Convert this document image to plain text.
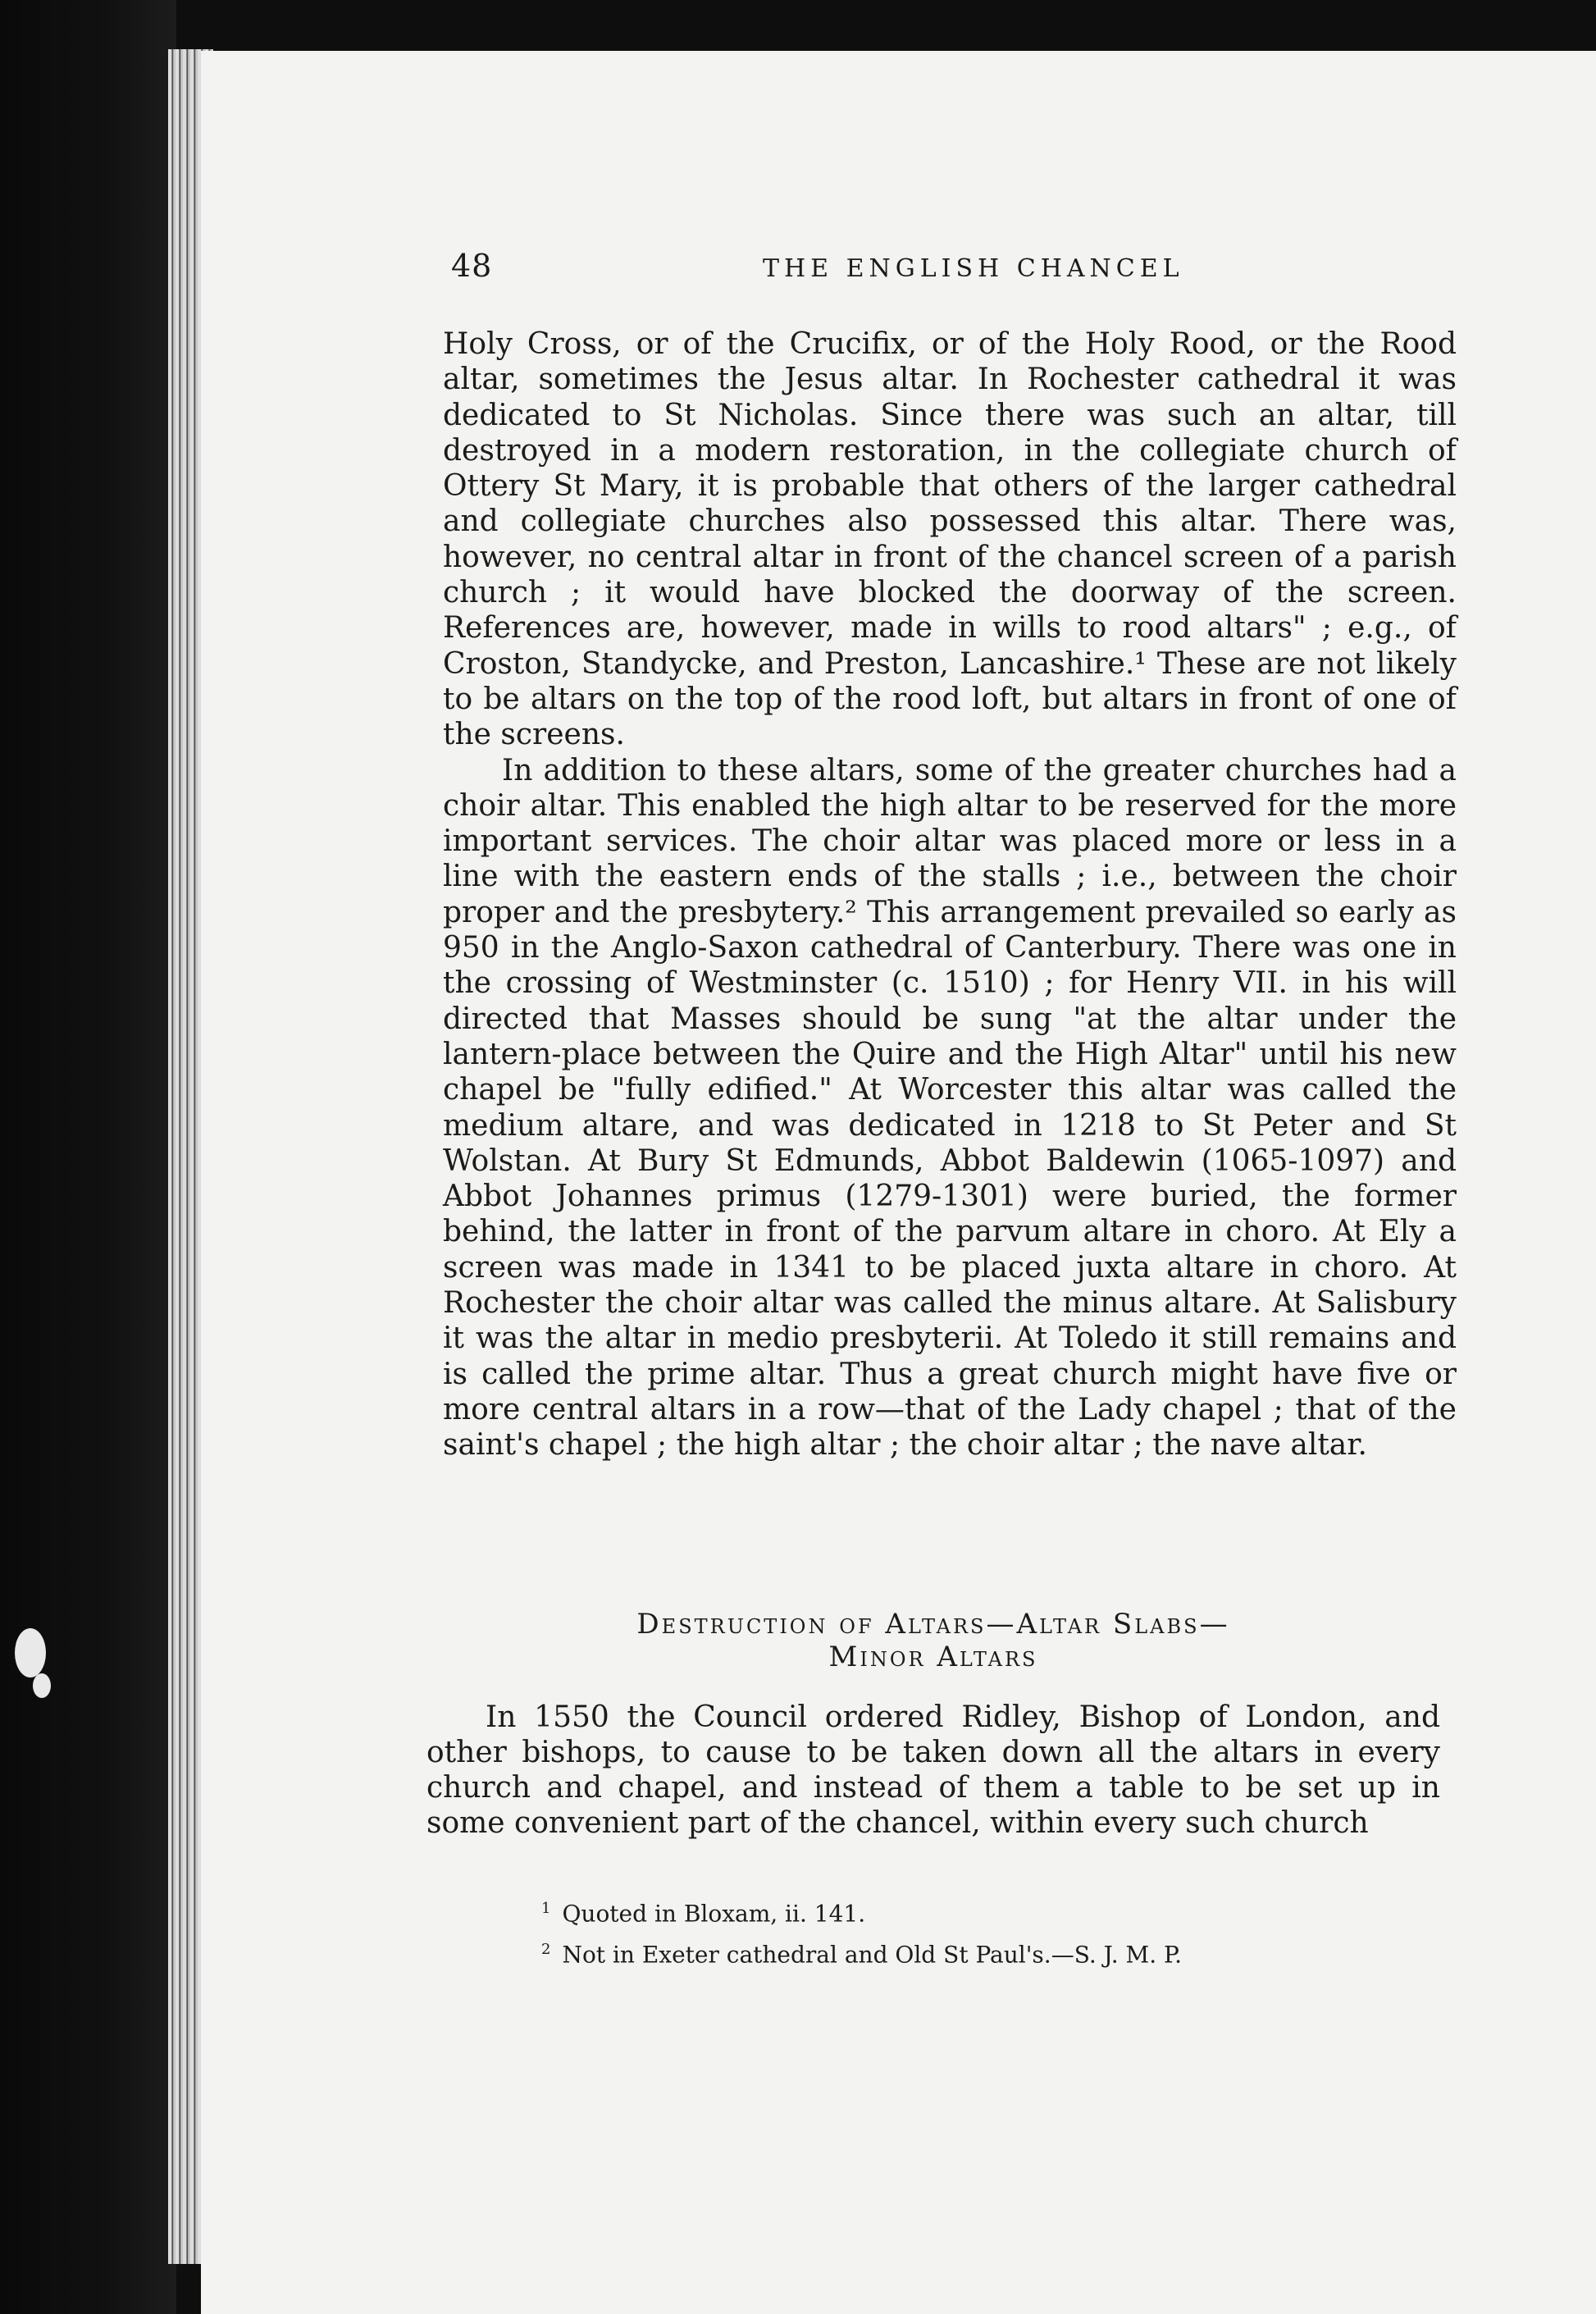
48	THE ENGLISH CHANCEL

Holy Cross, or of the Crucifix, or of the Holy Rood, or the Rood altar, sometimes the Jesus altar. In Rochester cathedral it was dedicated to St Nicholas. Since there was such an altar, till destroyed in a modern restoration, in the collegiate church of Ottery St Mary, it is probable that others of the larger cathedral and collegiate churches also possessed this altar. There was, however, no central altar in front of the chancel screen of a parish church ; it would have blocked the doorway of the screen. References are, however, made in wills to rood altars" ; e.g., of Croston, Standycke, and Preston, Lancashire.¹ These are not likely to be altars on the top of the rood loft, but altars in front of one of the screens.

In addition to these altars, some of the greater churches had a choir altar. This enabled the high altar to be reserved for the more important services. The choir altar was placed more or less in a line with the eastern ends of the stalls ; i.e., between the choir proper and the presbytery.² This arrangement prevailed so early as 950 in the Anglo-Saxon cathedral of Canterbury. There was one in the crossing of Westminster (c. 1510) ; for Henry VII. in his will directed that Masses should be sung "at the altar under the lantern-place between the Quire and the High Altar" until his new chapel be "fully edified." At Worcester this altar was called the medium altare, and was dedicated in 1218 to St Peter and St Wolstan. At Bury St Edmunds, Abbot Baldewin (1065-1097) and Abbot Johannes primus (1279-1301) were buried, the former behind, the latter in front of the parvum altare in choro. At Ely a screen was made in 1341 to be placed juxta altare in choro. At Rochester the choir altar was called the minus altare. At Salisbury it was the altar in medio presbyterii. At Toledo it still remains and is called the prime altar. Thus a great church might have five or more central altars in a row—that of the Lady chapel ; that of the saint's chapel ; the high altar ; the choir altar ; the nave altar.

Destruction of Altars—Altar Slabs—
Minor Altars

In 1550 the Council ordered Ridley, Bishop of London, and other bishops, to cause to be taken down all the altars in every church and chapel, and instead of them a table to be set up in some convenient part of the chancel, within every such church

$^1$ Quoted in Bloxam, ii. 141.
$^2$ Not in Exeter cathedral and Old St Paul's.—S. J. M. P.
